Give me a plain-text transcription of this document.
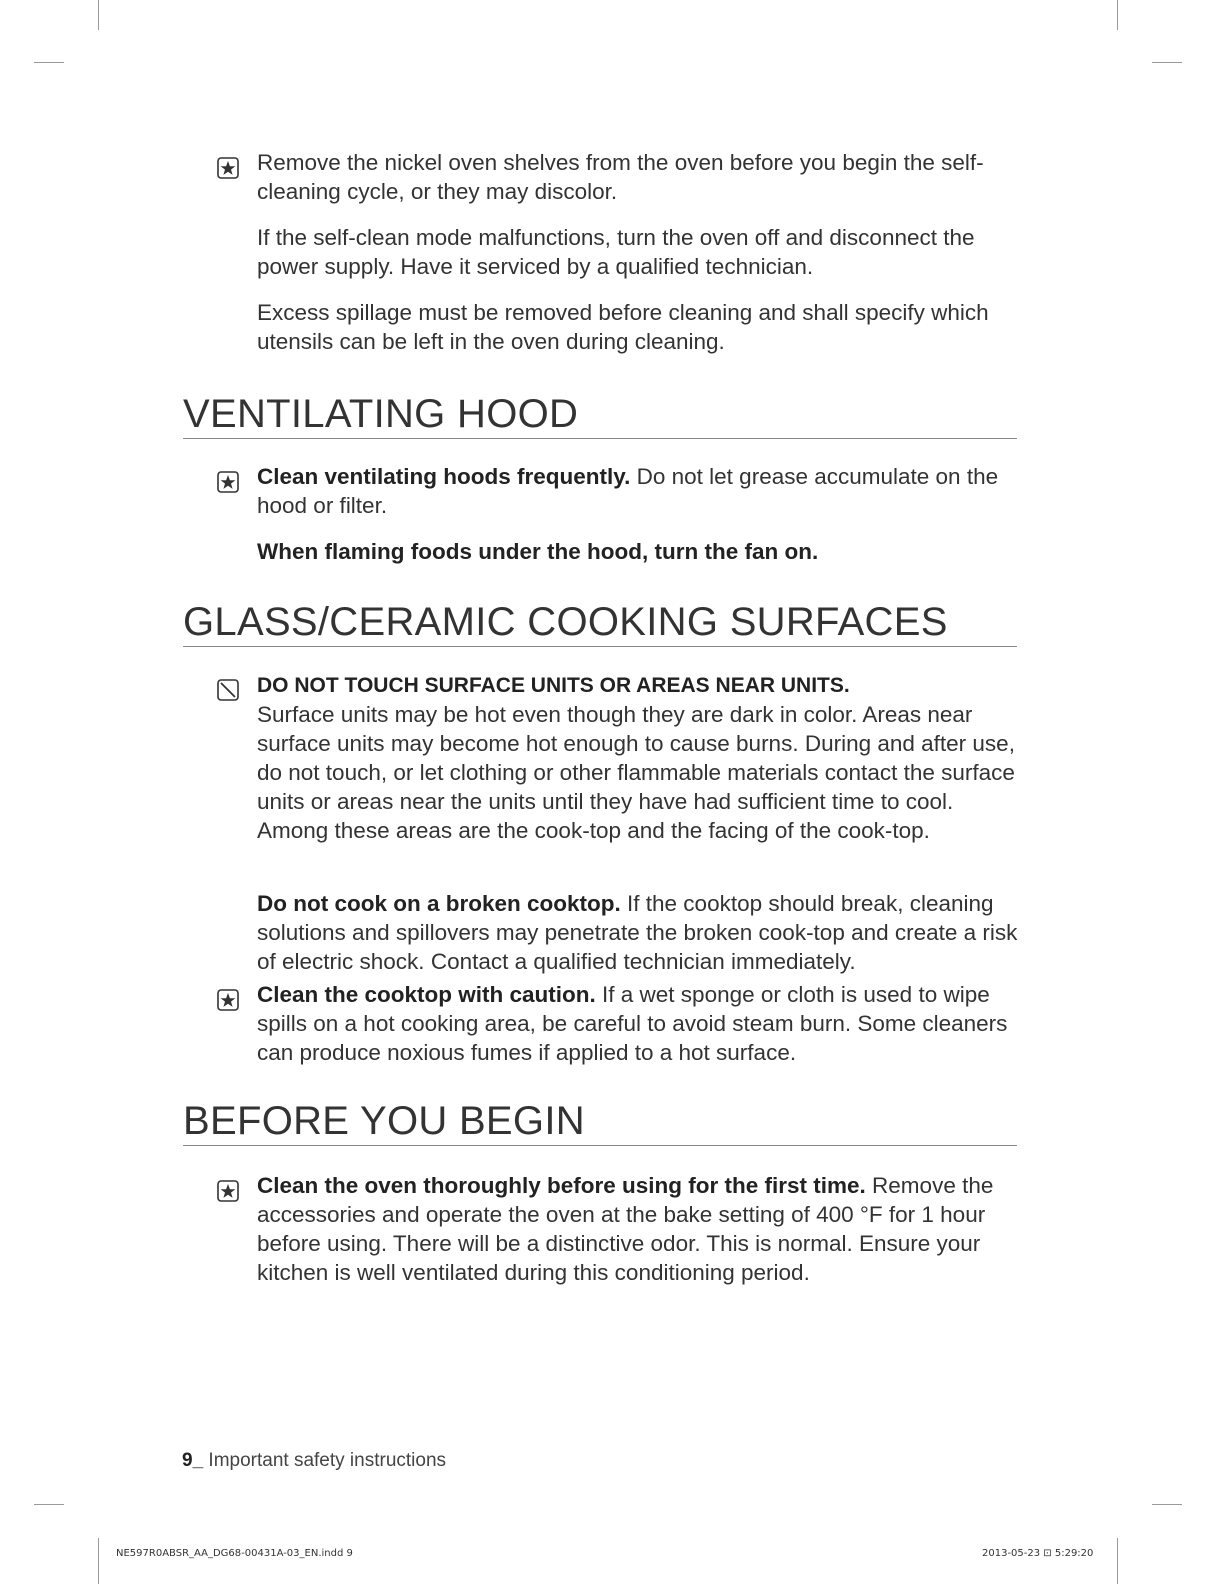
Remove the nickel oven shelves from the oven before you begin the self-cleaning cycle, or they may discolor.

If the self-clean mode malfunctions, turn the oven off and disconnect the power supply. Have it serviced by a qualified technician.

Excess spillage must be removed before cleaning and shall specify which utensils can be left in the oven during cleaning.

VENTILATING HOOD

Clean ventilating hoods frequently. Do not let grease accumulate on the hood or filter.

When flaming foods under the hood, turn the fan on.

GLASS/CERAMIC COOKING SURFACES

DO NOT TOUCH SURFACE UNITS OR AREAS NEAR UNITS.

Surface units may be hot even though they are dark in color. Areas near surface units may become hot enough to cause burns. During and after use, do not touch, or let clothing or other flammable materials contact the surface units or areas near the units until they have had sufficient time to cool. Among these areas are the cook-top and the facing of the cook-top.

Do not cook on a broken cooktop. If the cooktop should break, cleaning solutions and spillovers may penetrate the broken cook-top and create a risk of electric shock. Contact a qualified technician immediately.

Clean the cooktop with caution. If a wet sponge or cloth is used to wipe spills on a hot cooking area, be careful to avoid steam burn. Some cleaners can produce noxious fumes if applied to a hot surface.

BEFORE YOU BEGIN

Clean the oven thoroughly before using for the first time. Remove the accessories and operate the oven at the bake setting of 400 °F for 1 hour before using. There will be a distinctive odor. This is normal. Ensure your kitchen is well ventilated during this conditioning period.

9_ Important safety instructions
NE597R0ABSR_AA_DG68-00431A-03_EN.indd 9	2013-05-23 ⊡ 5:29:20
